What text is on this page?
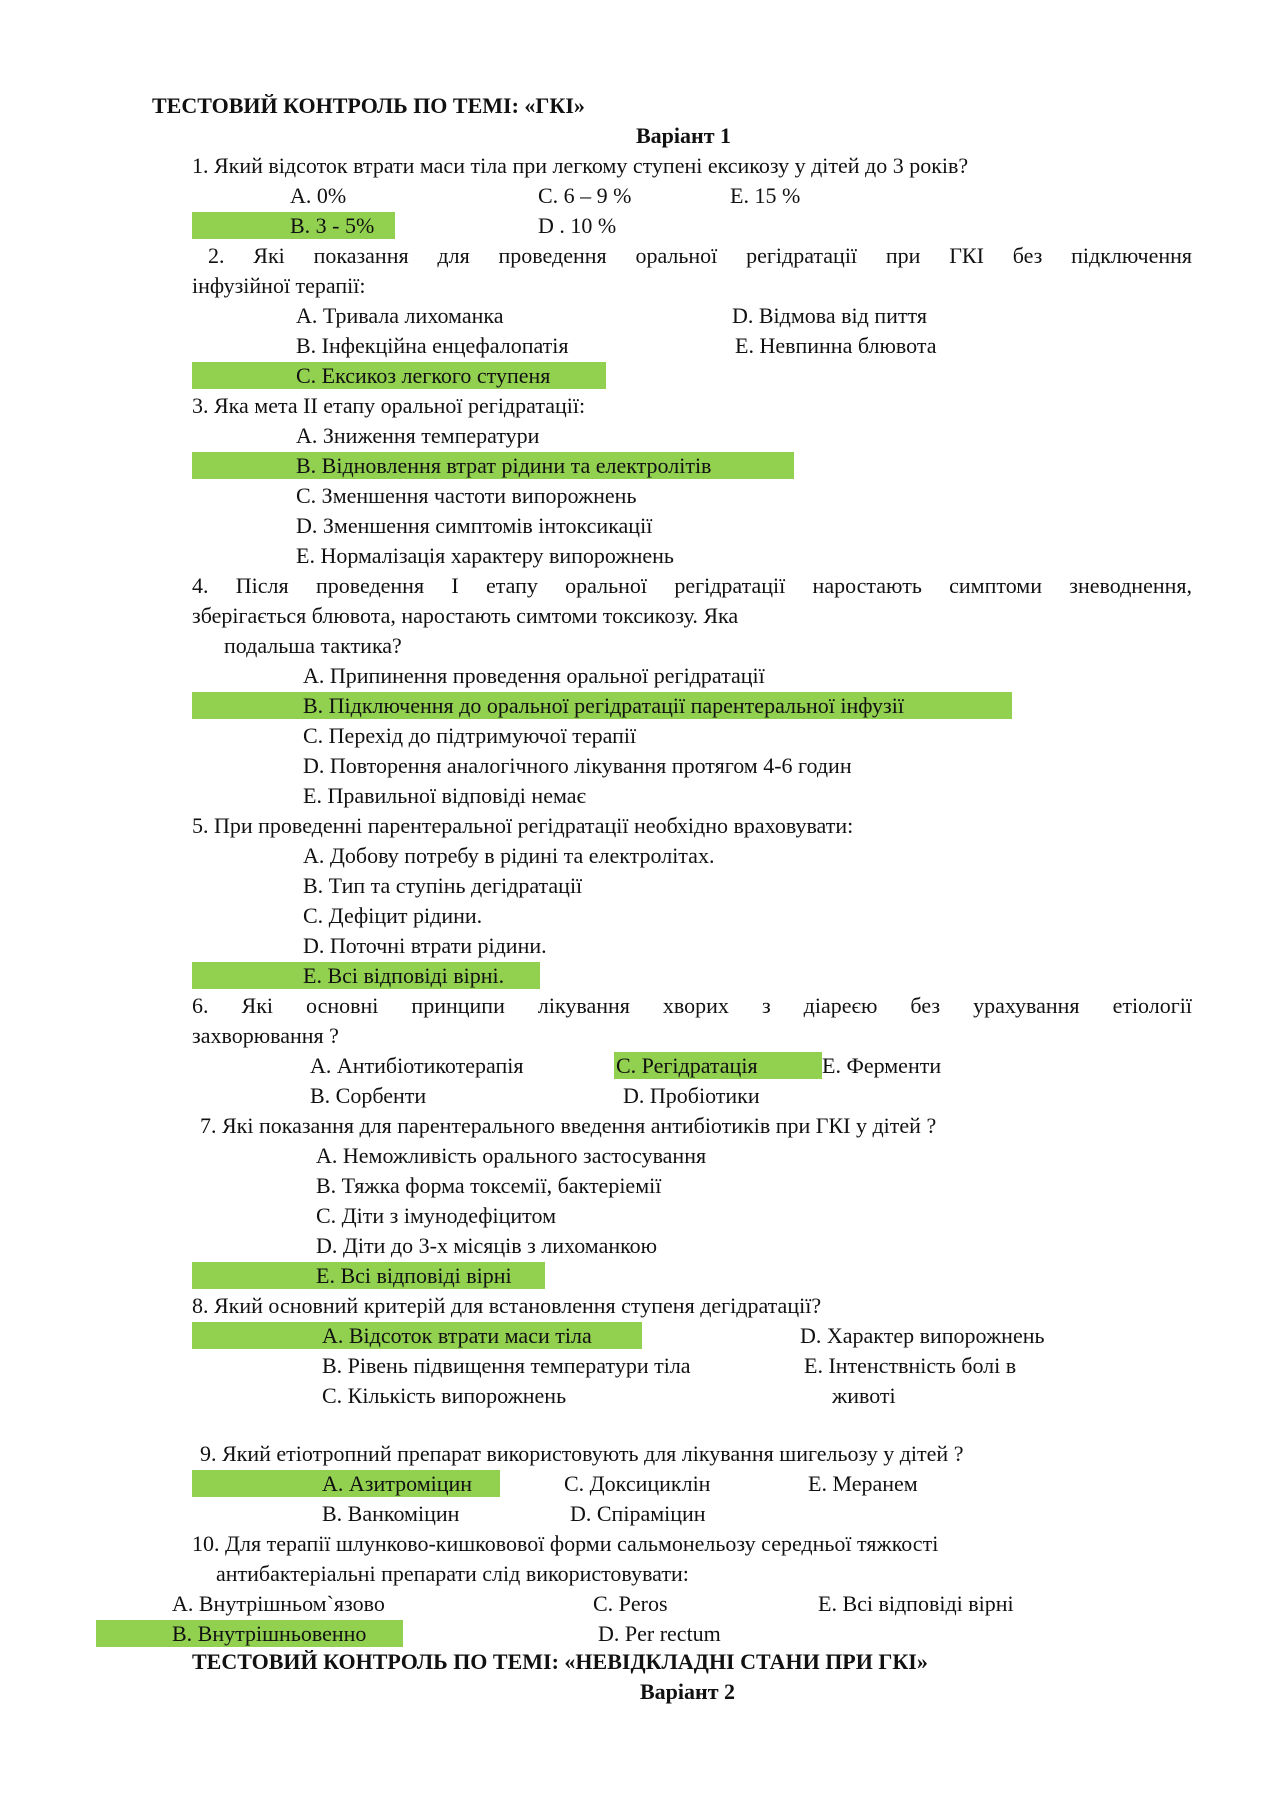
ТЕСТОВИЙ КОНТРОЛЬ ПО ТЕМІ: «ГКІ»
Варіант 1
1. Який відсоток втрати маси тіла при легкому ступені ексикозу у дітей до 3 років?
A. 0%	C. 6 – 9 %	E. 15 %
B. 3 - 5%	D . 10 %
2. Які показання для проведення оральної регідратації при ГКІ без підключення
інфузійної терапії:
A. Тривала лихоманка	D. Відмова від пиття
B. Інфекційна енцефалопатія	E. Невпинна блювота
C. Ексикоз легкого ступеня
3. Яка мета ІІ етапу оральної регідратації:
A. Зниження температури
B. Відновлення втрат рідини та електролітів
C. Зменшення частоти випорожнень
D. Зменшення симптомів інтоксикації
E. Нормалізація характеру випорожнень
4. Після проведення І етапу оральної регідратації наростають симптоми зневоднення,
зберігається блювота, наростають симтоми токсикозу. Яка
подальша тактика?
A. Припинення проведення оральної регідратації
B. Підключення до оральної регідратації парентеральної інфузії
C. Перехід до підтримуючої терапії
D. Повторення аналогічного лікування протягом 4-6 годин
E. Правильної відповіді немає
5. При проведенні парентеральної регідратації необхідно враховувати:
A. Добову потребу в рідині та електролітах.
B. Тип та ступінь дегідратації
C. Дефіцит рідини.
D. Поточні втрати рідини.
E. Всі відповіді вірні.
6. Які основні принципи лікування хворих з діареєю без урахування етіології
захворювання ?
A. Антибіотикотерапія	C. Регідратація	E. Ферменти
B. Сорбенти	D. Пробіотики
7. Які показання для парентерального введення антибіотиків при ГКІ у дітей ?
A. Неможливість орального застосування
B. Тяжка форма токсемії, бактеріемії
C. Діти з імунодефіцитом
D. Діти до 3-х місяців з лихоманкою
E. Всі відповіді вірні
8. Який основний критерій для встановлення ступеня дегідратації?
A. Відсоток втрати маси тіла	D. Характер випорожнень
B. Рівень підвищення температури тіла	E. Інтенствність болі в
C. Кількість випорожнень	животі
9. Який етіотропний препарат використовують для лікування шигельозу у дітей ?
A. Азитроміцин	C. Доксициклін	E. Меранем
B. Ванкоміцин	D. Спіраміцин
10. Для терапії шлунково-кишковової форми сальмонельозу середньої тяжкості
антибактеріальні препарати слід використовувати:
A. Внутрішньом`язово	C. Peros	E. Всі відповіді вірні
B. Внутрішньовенно	D. Per rectum
ТЕСТОВИЙ КОНТРОЛЬ ПО ТЕМІ: «НЕВІДКЛАДНІ СТАНИ ПРИ ГКІ»
Варіант 2
